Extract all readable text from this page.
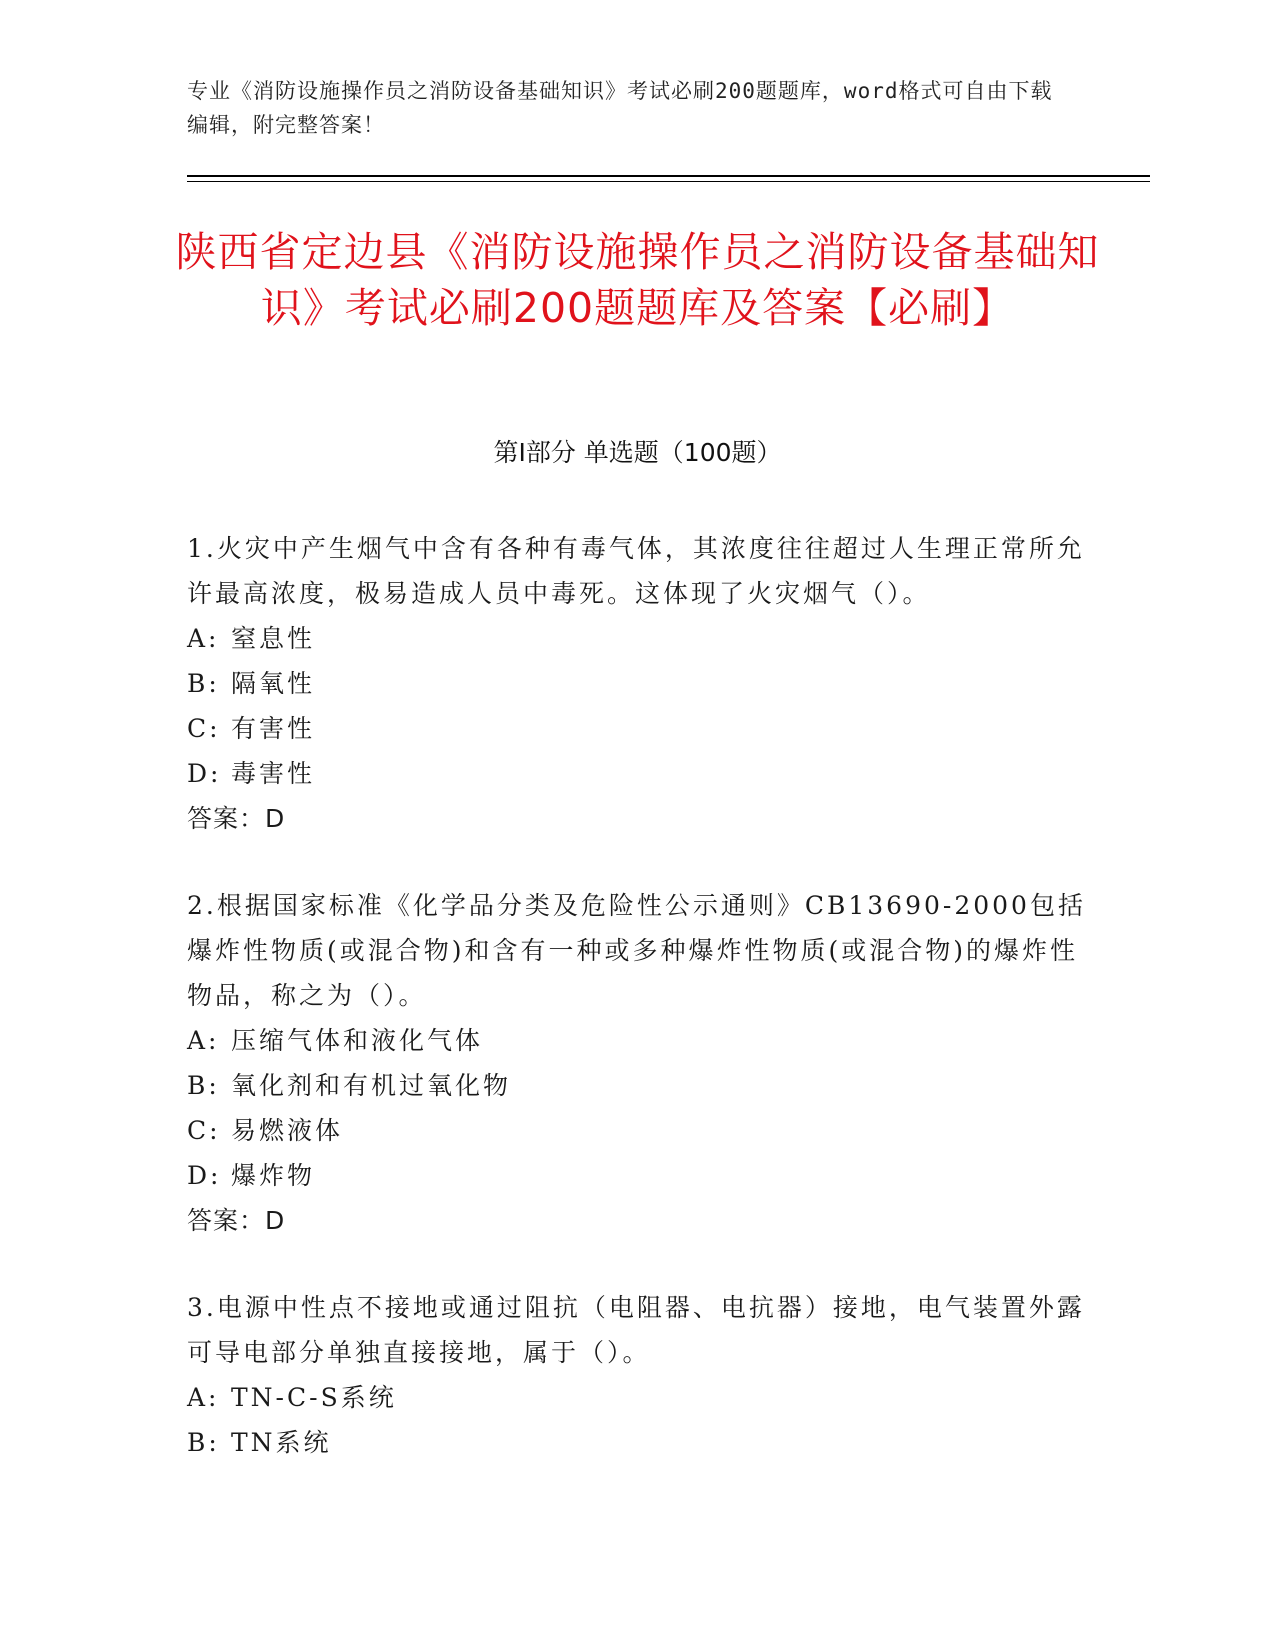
专业《消防设施操作员之消防设备基础知识》考试必刷200题题库，word格式可自由下载编辑，附完整答案！
陕西省定边县《消防设施操作员之消防设备基础知识》考试必刷200题题库及答案【必刷】
第I部分 单选题（100题）

1.火灾中产生烟气中含有各种有毒气体，其浓度往往超过人生理正常所允许最高浓度，极易造成人员中毒死。这体现了火灾烟气（）。

A: 窒息性

B: 隔氧性

C: 有害性

D: 毒害性

答案：D

2.根据国家标准《化学品分类及危险性公示通则》CB13690-2000包括爆炸性物质(或混合物)和含有一种或多种爆炸性物质(或混合物)的爆炸性物品，称之为（）。

A: 压缩气体和液化气体

B: 氧化剂和有机过氧化物

C: 易燃液体

D: 爆炸物

答案：D

3.电源中性点不接地或通过阻抗（电阻器、电抗器）接地，电气装置外露可导电部分单独直接接地，属于（）。

A: TN-C-S系统

B: TN系统
